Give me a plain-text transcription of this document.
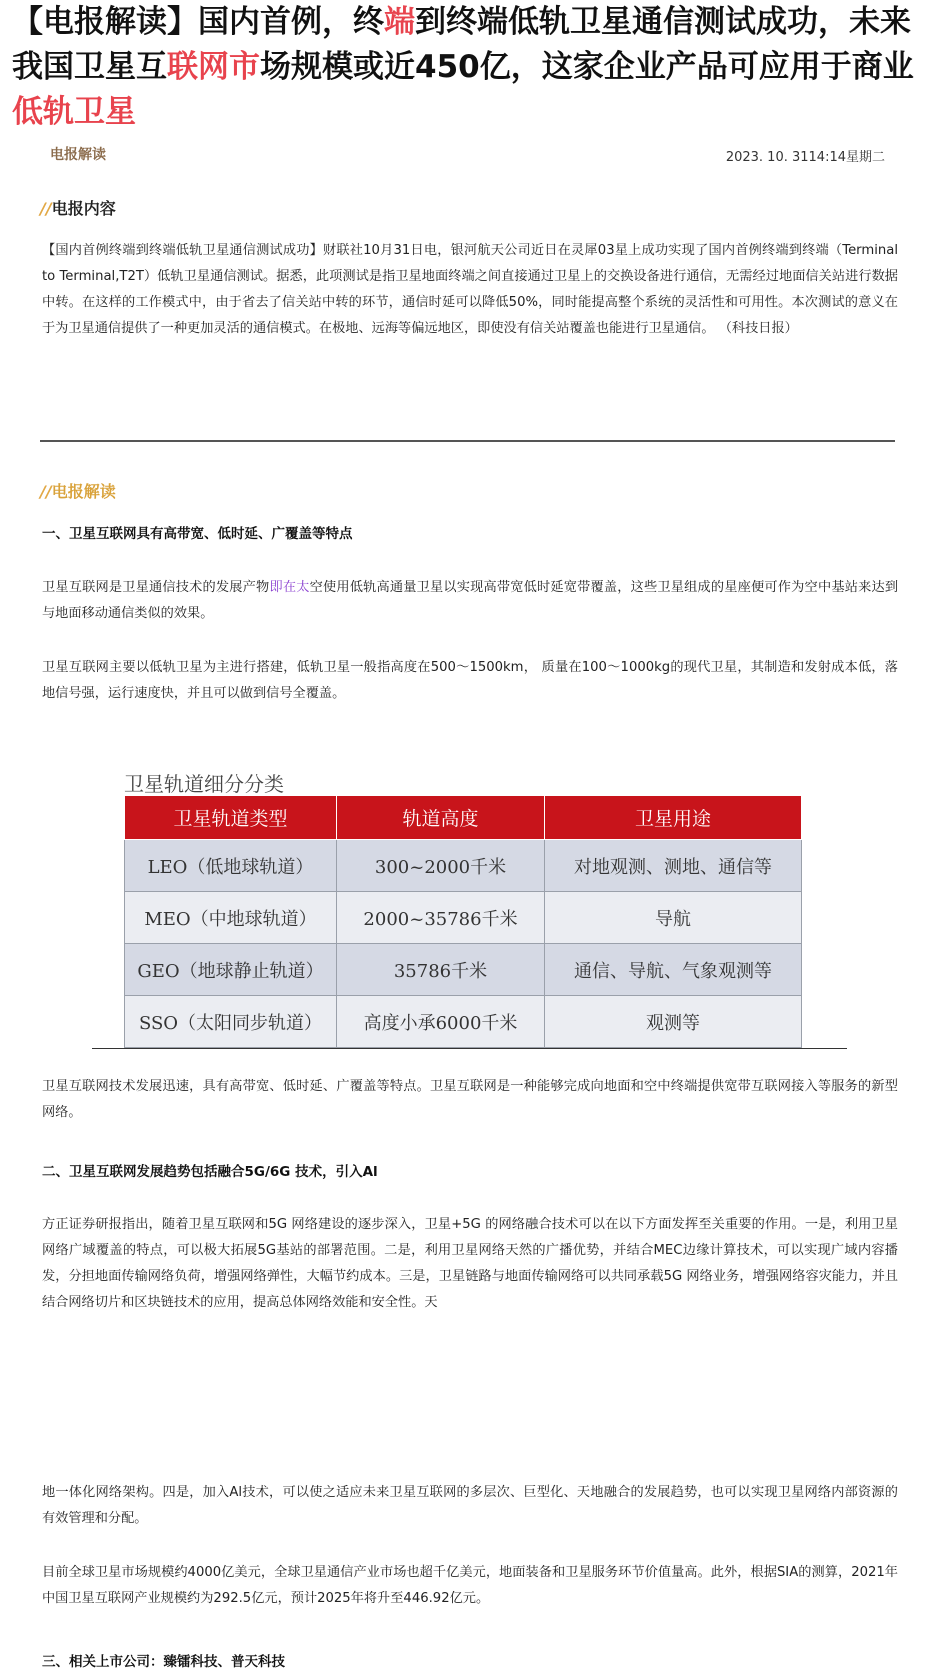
【电报解读】国内首例，终端到终端低轨卫星通信测试成功，未来我国卫星互联网市场规模或近450亿，这家企业产品可应用于商业低轨卫星
电报解读	2023. 10. 3114:14星期二
//电报内容
【国内首例终端到终端低轨卫星通信测试成功】财联社10月31日电，银河航天公司近日在灵犀03星上成功实现了国内首例终端到终端（Terminal to Terminal,T2T）低轨卫星通信测试。据悉，此项测试是指卫星地面终端之间直接通过卫星上的交换设备进行通信，无需经过地面信关站进行数据中转。在这样的工作模式中，由于省去了信关站中转的环节，通信时延可以降低50%，同时能提高整个系统的灵活性和可用性。本次测试的意义在于为卫星通信提供了一种更加灵活的通信模式。在极地、远海等偏远地区，即使没有信关站覆盖也能进行卫星通信。 （科技日报）
//电报解读
一、卫星互联网具有高带宽、低时延、广覆盖等特点
卫星互联网是卫星通信技术的发展产物即在太空使用低轨高通量卫星以实现高带宽低时延宽带覆盖，这些卫星组成的星座便可作为空中基站来达到与地面移动通信类似的效果。
卫星互联网主要以低轨卫星为主进行搭建，低轨卫星一般指高度在500～1500km， 质量在100～1000kg的现代卫星，其制造和发射成本低，落地信号强，运行速度快，并且可以做到信号全覆盖。
卫星轨道细分分类
卫星轨道类型	轨道高度	卫星用途
LEO（低地球轨道）	300~2000千米	对地观测、测地、通信等
MEO（中地球轨道）	2000~35786千米	导航
GEO（地球静止轨道）	35786千米	通信、导航、气象观测等
SSO（太阳同步轨道）	高度小承6000千米	观测等
卫星互联网技术发展迅速，具有高带宽、低时延、广覆盖等特点。卫星互联网是一种能够完成向地面和空中终端提供宽带互联网接入等服务的新型网络。
二、卫星互联网发展趋势包括融合5G/6G 技术，引入Al
方正证券研报指出，随着卫星互联网和5G 网络建设的逐步深入，卫星+5G 的网络融合技术可以在以下方面发挥至关重要的作用。一是，利用卫星网络广域覆盖的特点，可以极大拓展5G基站的部署范围。二是，利用卫星网络天然的广播优势，并结合MEC边缘计算技术，可以实现广域内容播发，分担地面传输网络负荷，增强网络弹性，大幅节约成本。三是，卫星链路与地面传输网络可以共同承载5G 网络业务，增强网络容灾能力，并且结合网络切片和区块链技术的应用，提高总体网络效能和安全性。天
地一体化网络架构。四是，加入Al技术，可以使之适应未来卫星互联网的多层次、巨型化、天地融合的发展趋势，也可以实现卫星网络内部资源的有效管理和分配。
目前全球卫星市场规模约4000亿美元，全球卫星通信产业市场也超千亿美元，地面装备和卫星服务环节价值量高。此外，根据SIA的测算，2021年中国卫星互联网产业规模约为292.5亿元，预计2025年将升至446.92亿元。
三、相关上市公司：臻镭科技、普天科技
